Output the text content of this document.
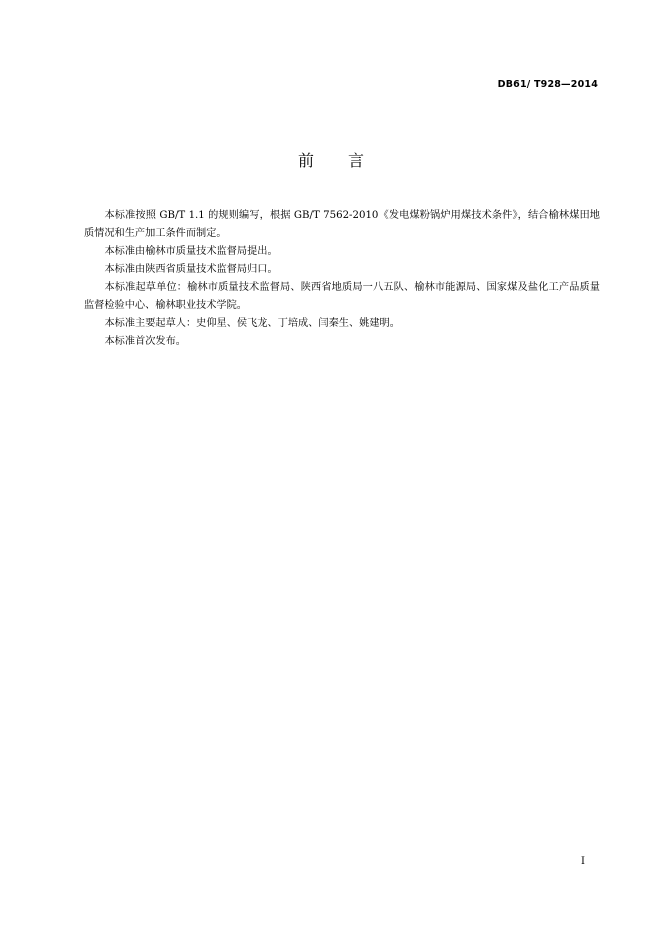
DB61/ T928—2014
前言

本标准按照 GB/T 1.1 的规则编写，根据 GB/T 7562-2010《发电煤粉锅炉用煤技术条件》，结合榆林煤田地质情况和生产加工条件而制定。

本标准由榆林市质量技术监督局提出。

本标准由陕西省质量技术监督局归口。

本标准起草单位：榆林市质量技术监督局、陕西省地质局一八五队、榆林市能源局、国家煤及盐化工产品质量监督检验中心、榆林职业技术学院。

本标准主要起草人：史仰星、侯飞龙、丁培成、闫秦生、姚建明。

本标准首次发布。

I
